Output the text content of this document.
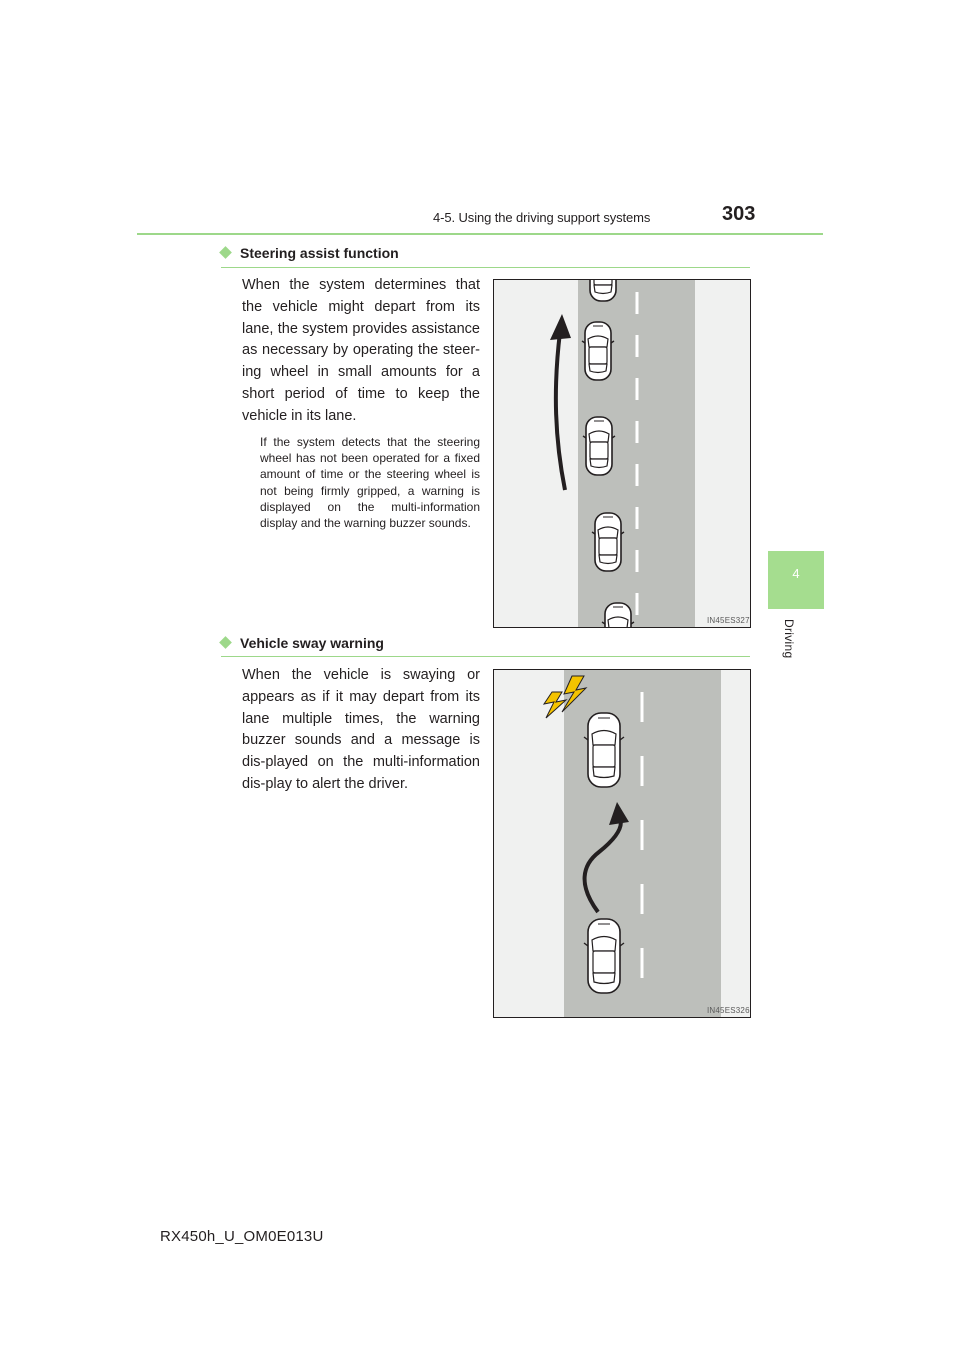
4-5. Using the driving support systems	303
4
Driving
Steering assist function
When the system determines that the vehicle might depart from its lane, the system provides assistance as necessary by operating the steer-ing wheel in small amounts for a short period of time to keep the vehicle in its lane.
If the system detects that the steering wheel has not been operated for a fixed amount of time or the steering wheel is not being firmly gripped, a warning is displayed on the multi-information display and the warning buzzer sounds.
IN45ES327
Vehicle sway warning
When the vehicle is swaying or appears as if it may depart from its lane multiple times, the warning buzzer sounds and a message is dis-played on the multi-information dis-play to alert the driver.
IN45ES326
RX450h_U_OM0E013U
